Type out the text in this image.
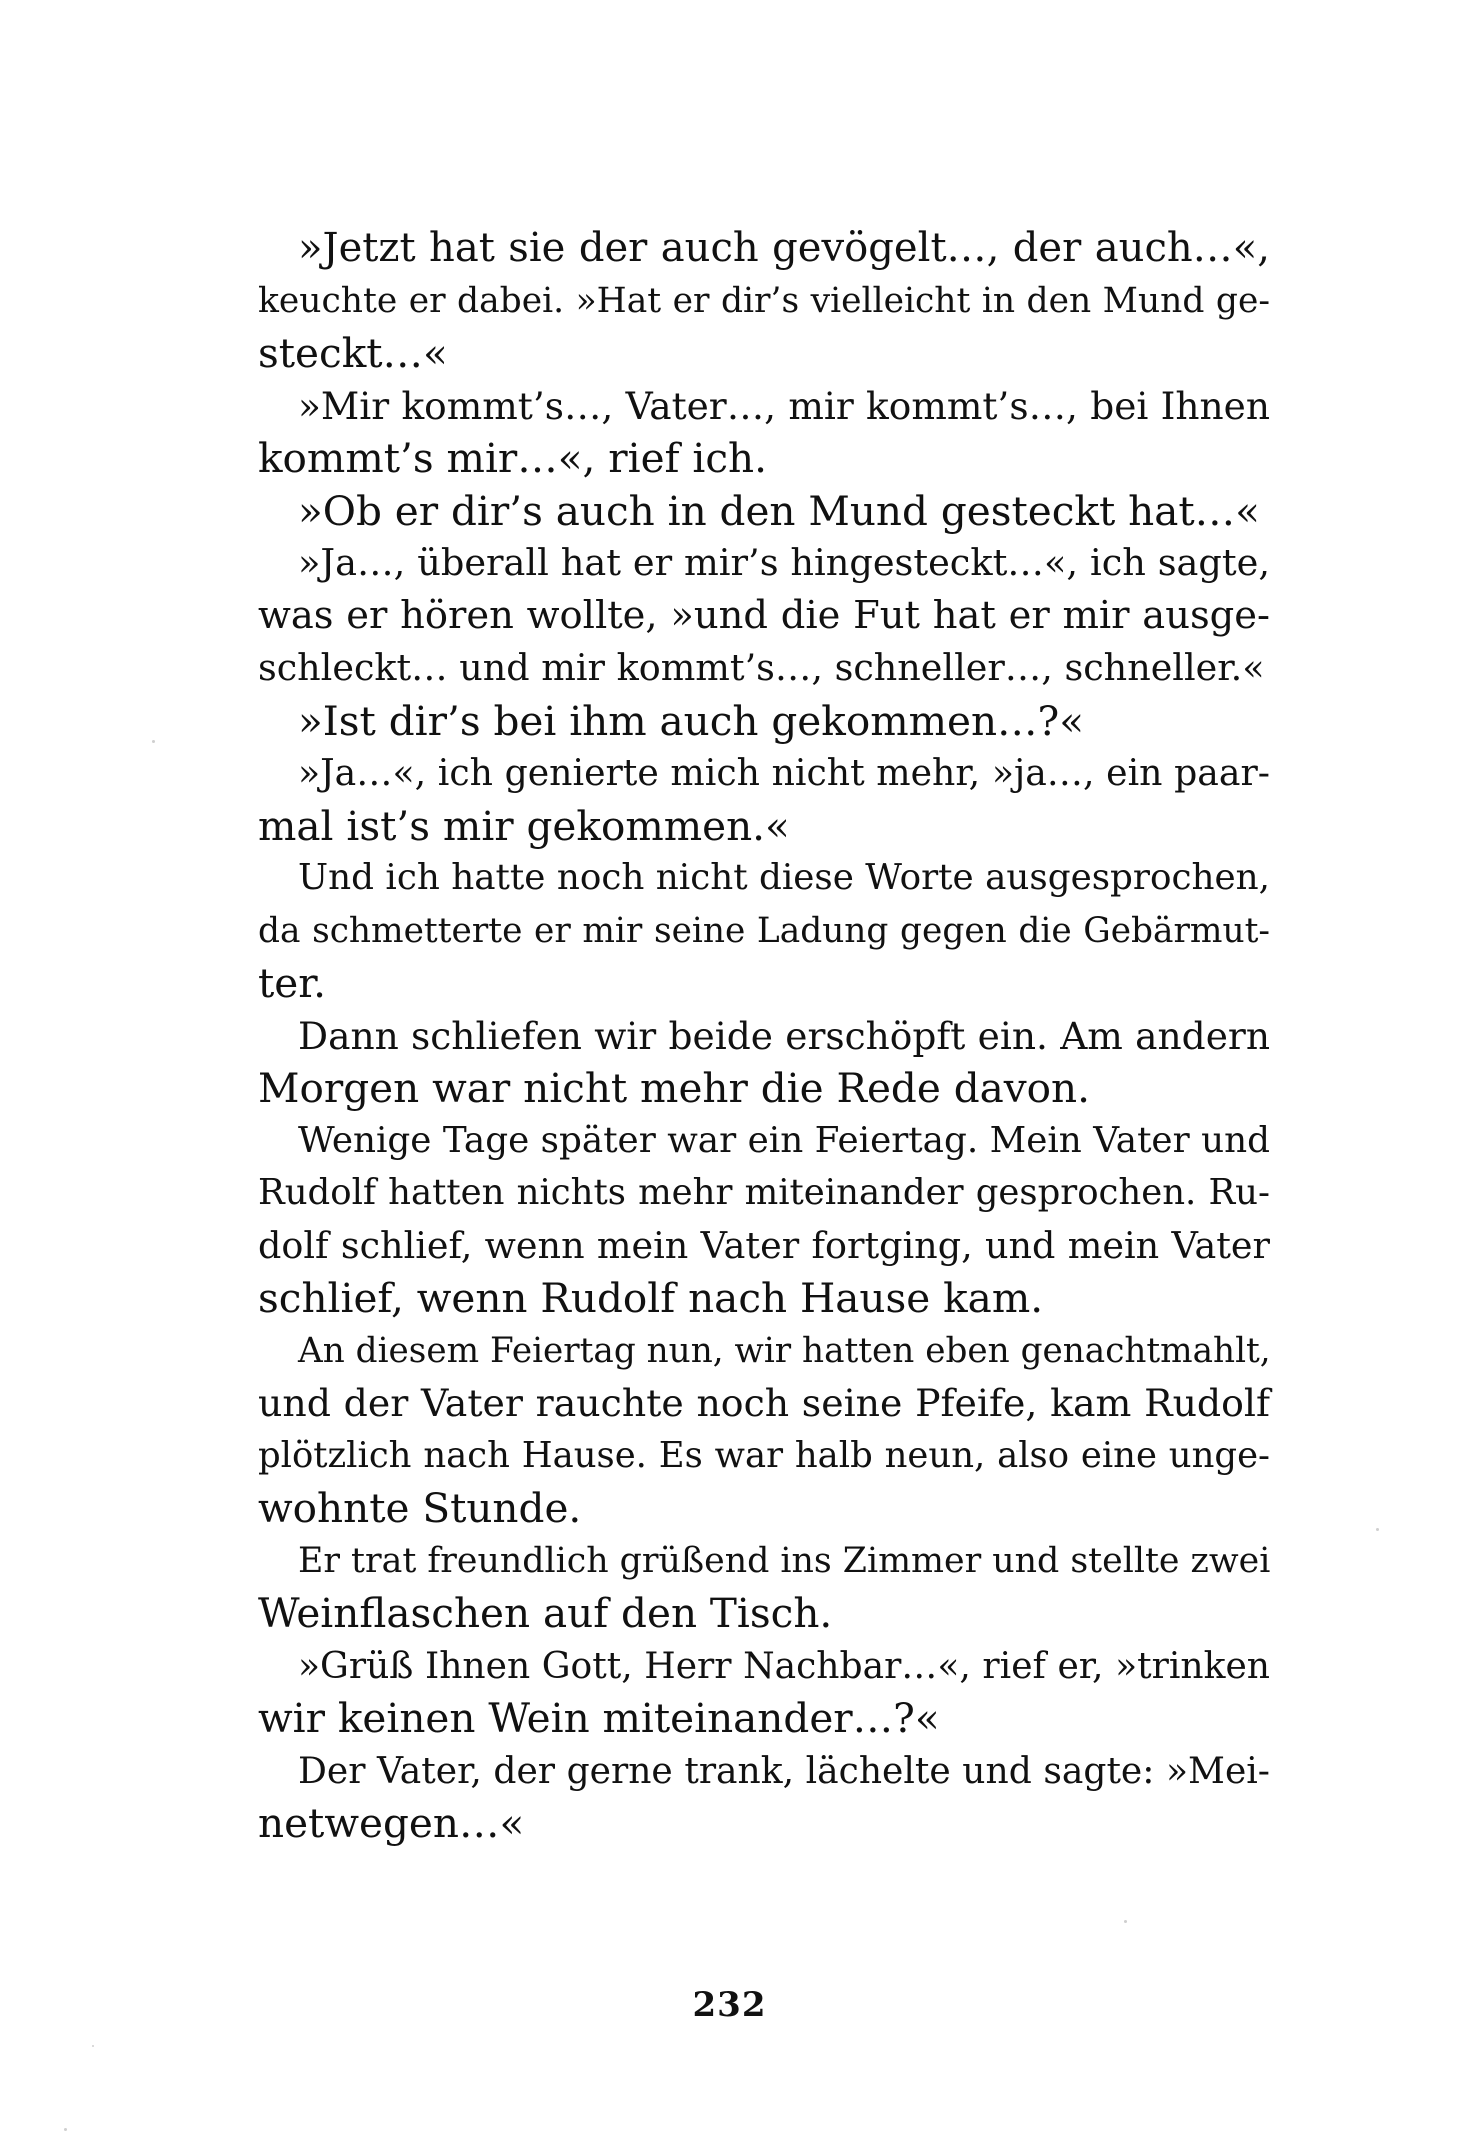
»Jetzt hat sie der auch gevögelt…, der auch…«,
keuchte er dabei. »Hat er dir’s vielleicht in den Mund ge-
steckt…«
»Mir kommt’s…, Vater…, mir kommt’s…, bei Ihnen
kommt’s mir…«, rief ich.
»Ob er dir’s auch in den Mund gesteckt hat…«
»Ja…, überall hat er mir’s hingesteckt…«, ich sagte,
was er hören wollte, »und die Fut hat er mir ausge-
schleckt… und mir kommt’s…, schneller…, schneller.«
»Ist dir’s bei ihm auch gekommen…?«
»Ja…«, ich genierte mich nicht mehr, »ja…, ein paar-
mal ist’s mir gekommen.«
Und ich hatte noch nicht diese Worte ausgesprochen,
da schmetterte er mir seine Ladung gegen die Gebärmut-
ter.
Dann schliefen wir beide erschöpft ein. Am andern
Morgen war nicht mehr die Rede davon.
Wenige Tage später war ein Feiertag. Mein Vater und
Rudolf hatten nichts mehr miteinander gesprochen. Ru-
dolf schlief, wenn mein Vater fortging, und mein Vater
schlief, wenn Rudolf nach Hause kam.
An diesem Feiertag nun, wir hatten eben genachtmahlt,
und der Vater rauchte noch seine Pfeife, kam Rudolf
plötzlich nach Hause. Es war halb neun, also eine unge-
wohnte Stunde.
Er trat freundlich grüßend ins Zimmer und stellte zwei
Weinflaschen auf den Tisch.
»Grüß Ihnen Gott, Herr Nachbar…«, rief er, »trinken
wir keinen Wein miteinander…?«
Der Vater, der gerne trank, lächelte und sagte: »Mei-
netwegen…«
232
